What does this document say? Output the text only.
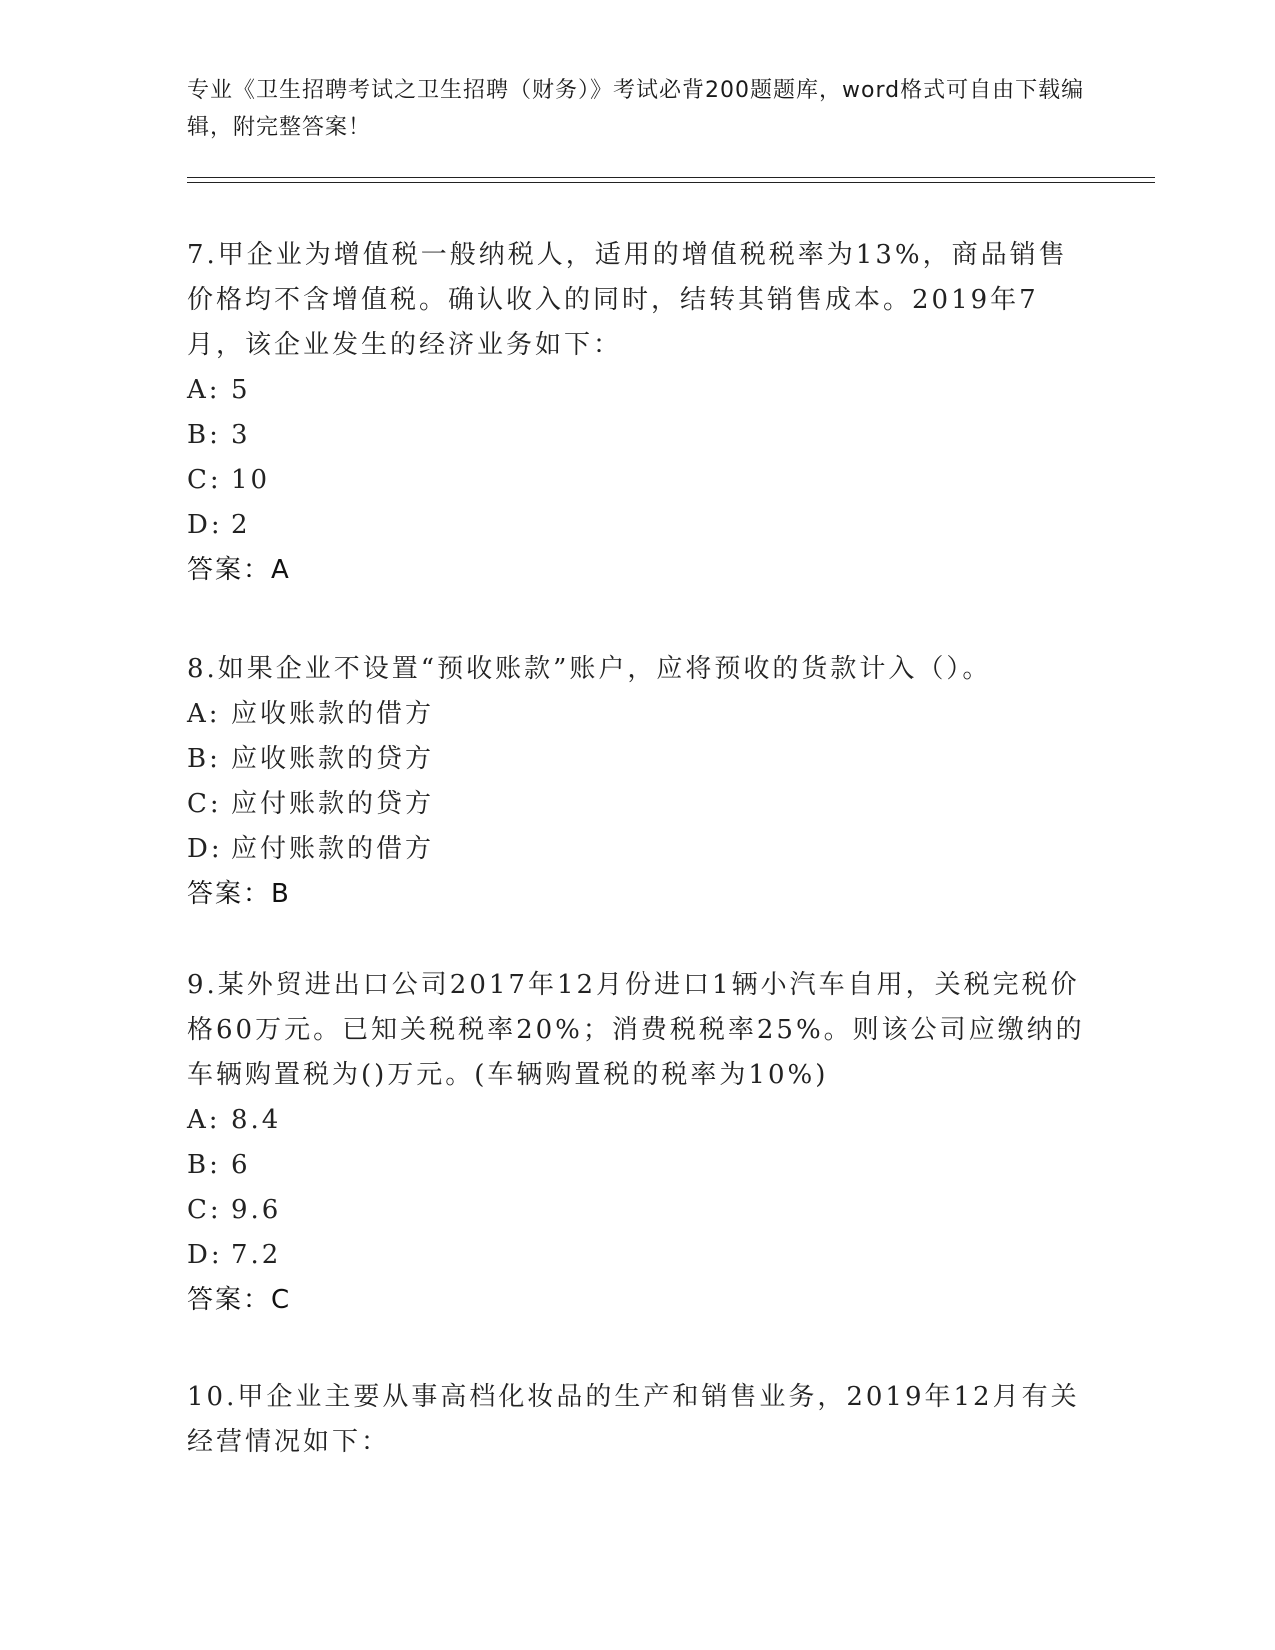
专业《卫生招聘考试之卫生招聘（财务）》考试必背200题题库，word格式可自由下载编辑，附完整答案！

7.甲企业为增值税一般纳税人，适用的增值税税率为13%，商品销售价格均不含增值税。确认收入的同时，结转其销售成本。2019年7月，该企业发生的经济业务如下：

A: 5

B: 3

C: 10

D: 2

答案：A

8.如果企业不设置“预收账款”账户，应将预收的货款计入（）。

A: 应收账款的借方

B: 应收账款的贷方

C: 应付账款的贷方

D: 应付账款的借方

答案：B

9.某外贸进出口公司2017年12月份进口1辆小汽车自用，关税完税价格60万元。已知关税税率20%；消费税税率25%。则该公司应缴纳的车辆购置税为()万元。(车辆购置税的税率为10%)

A: 8.4

B: 6

C: 9.6

D: 7.2

答案：C

10.甲企业主要从事高档化妆品的生产和销售业务，2019年12月有关经营情况如下：
